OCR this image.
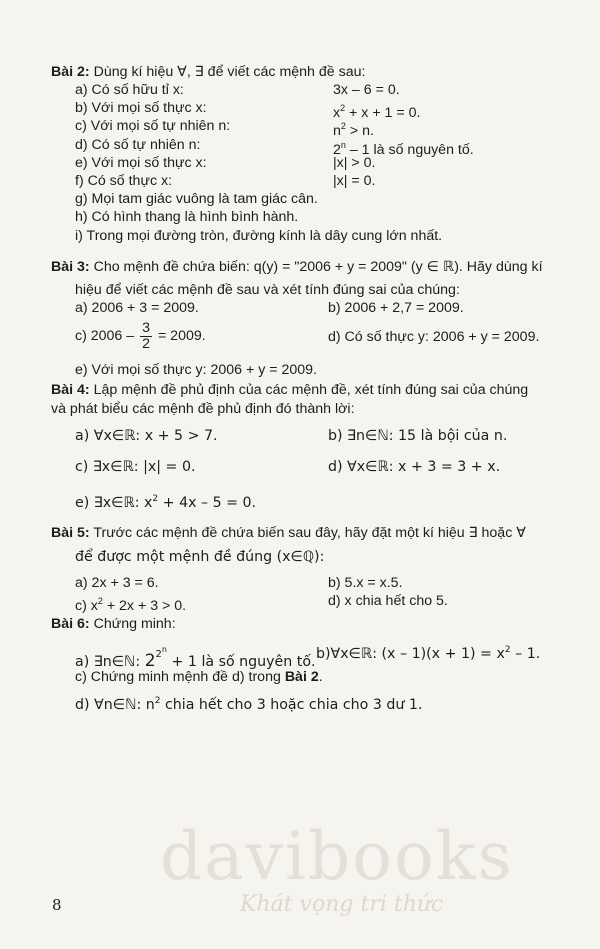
Bài 2: Dùng kí hiệu ∀, ∃ để viết các mệnh đề sau:
a) Có số hữu tỉ x:	3x – 6 = 0.
b) Với mọi số thực x:	$x^2 + x + 1 = 0$.
c) Với mọi số tự nhiên n:	$n^2 > n$.
d) Có số tự nhiên n:	2$^n$ – 1 là số nguyên tố.
e) Với mọi số thực x:	|x| > 0.
f) Có số thực x:	|x| = 0.
g) Mọi tam giác vuông là tam giác cân.
h) Có hình thang là hình bình hành.
i) Trong mọi đường tròn, đường kính là dây cung lớn nhất.
Bài 3: Cho mệnh đề chứa biến: q(y) = "2006 + y = 2009" (y ∈ ℝ). Hãy dùng kí
hiệu để viết các mệnh đề sau và xét tính đúng sai của chúng:
a) 2006 + 3 = 2009.	b) 2006 + 2,7 = 2009.
c) $2006 - \frac{3}{2} = 2009$.	d) Có số thực y: 2006 + y = 2009.
e) Với mọi số thực y: 2006 + y = 2009.
Bài 4: Lập mệnh đề phủ định của các mệnh đề, xét tính đúng sai của chúng
và phát biểu các mệnh đề phủ định đó thành lời:
a) ∀x∈ℝ: x + 5 > 7.	b) ∃n∈ℕ: 15 là bội của n.
c) ∃x∈ℝ: |x| = 0.	d) ∀x∈ℝ: x + 3 = 3 + x.
e) ∃x∈ℝ: $x^2 + 4x - 5 = 0$.
Bài 5: Trước các mệnh đề chứa biến sau đây, hãy đặt một kí hiệu ∃ hoặc ∀
để được một mệnh đề đúng (x∈ℚ):
a) 2x + 3 = 6.	b) 5.x = x.5.
c) $x^2 + 2x + 3 > 0$.	d) x chia hết cho 5.
Bài 6: Chứng minh:
a) ∃n∈ℕ: $2^{2n} + 1$ là số nguyên tố. b)∀x∈ℝ: $(x - 1)(x + 1) = x^2 - 1$.
c) Chứng minh mệnh đề d) trong Bài 2.
d) ∀n∈ℕ: $n^2$ chia hết cho 3 hoặc chia cho 3 dư 1.
davibooks
Khát vọng tri thức
8
